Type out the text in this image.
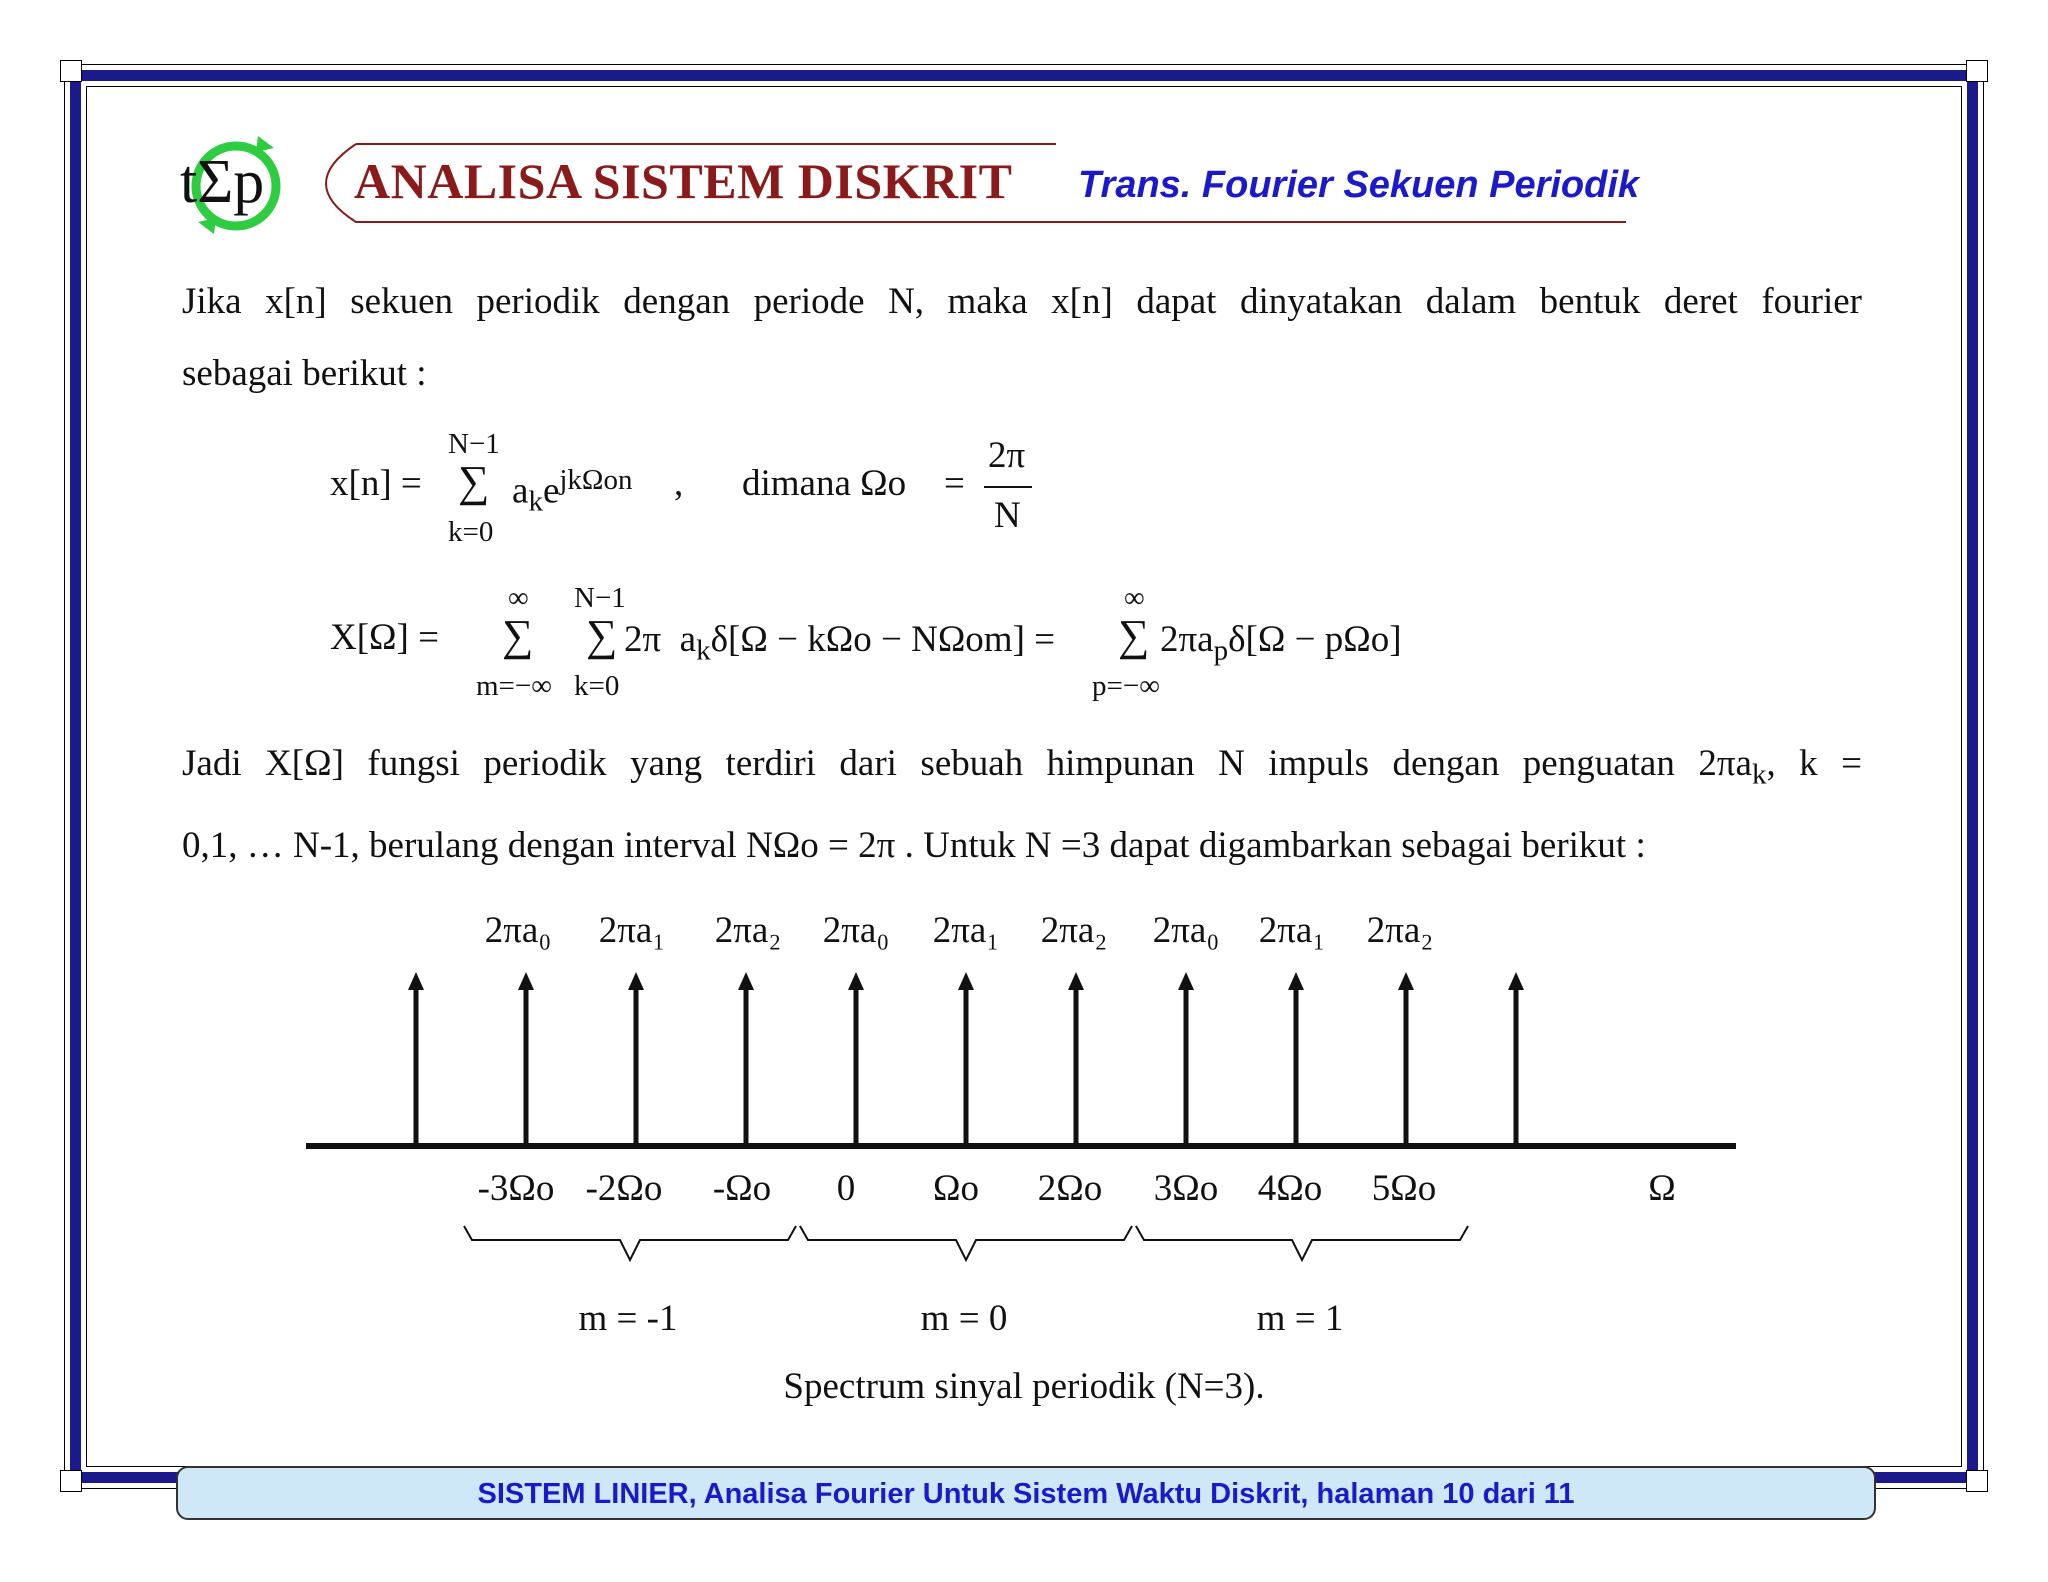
tΣp ANALISA SISTEM DISKRIT Trans. Fourier Sekuen Periodik
Jika x[n] sekuen periodik dengan periode N, maka x[n] dapat dinyatakan dalam bentuk deret fourier
sebagai berikut :
x[n] =
N−1
∑
k=0
$a_ke^{jk\Omega on}$ , dimana Ωo =
2π
N
X[Ω] =
∞
∑
m=−∞
N−1
∑
k=0
2π  $a_k\delta[\Omega - k\Omega o - N\Omega om]$ =
∞
∑
p=−∞
$2\pi a_p\delta[\Omega - p\Omega o]$
Jadi X[Ω] fungsi periodik yang terdiri dari sebuah himpunan N impuls dengan penguatan $2\pi a_k$, k =
0,1, … N-1, berulang dengan interval NΩo = 2π . Untuk N =3 dapat digambarkan sebagai berikut :
2πa₀ 2πa₁ 2πa₂ 2πa₀ 2πa₁ 2πa₂ 2πa₀ 2πa₁ 2πa₂
-3Ωo -2Ωo -Ωo 0 Ωo 2Ωo 3Ωo 4Ωo 5Ωo	Ω
m = -1	m = 0	m = 1
Spectrum sinyal periodik (N=3).
SISTEM LINIER, Analisa Fourier Untuk Sistem Waktu Diskrit, halaman 10 dari 11
